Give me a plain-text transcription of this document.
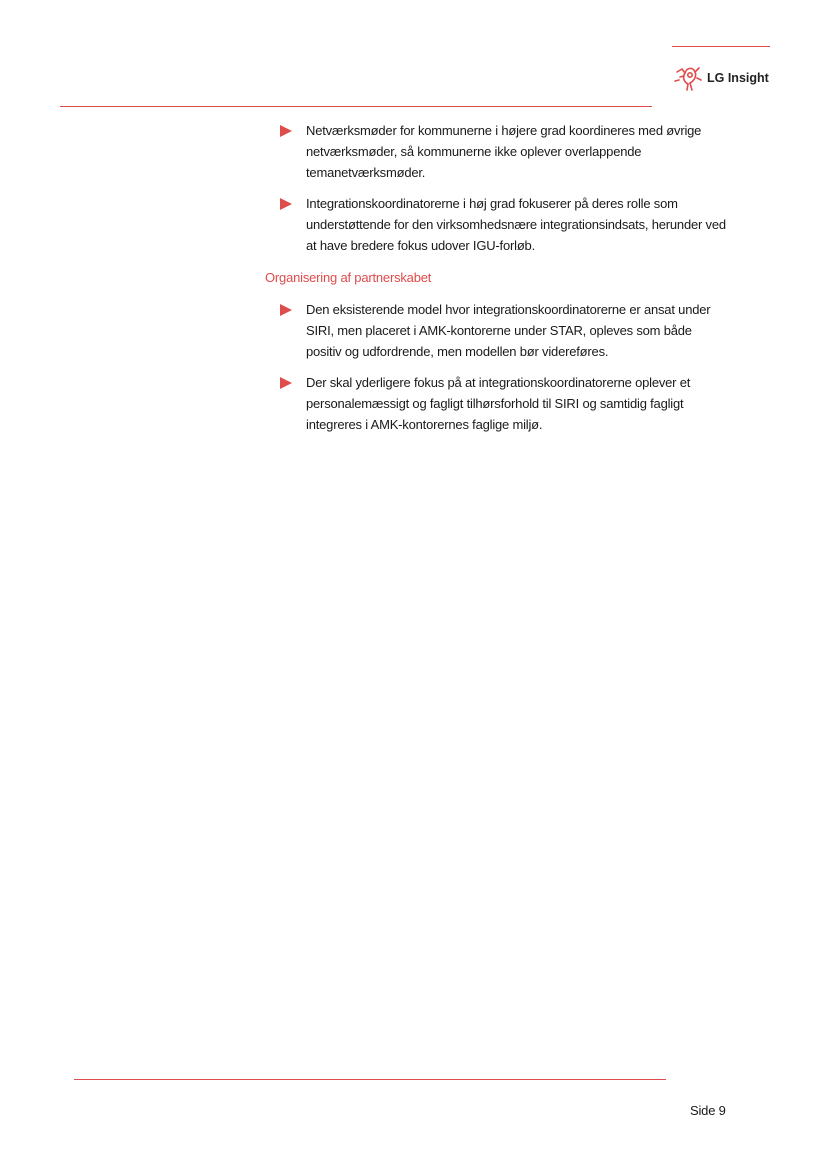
LG Insight
Netværksmøder for kommunerne i højere grad koordineres med øvrige netværksmøder, så kommunerne ikke oplever overlappende temanetværksmøder.
Integrationskoordinatorerne i høj grad fokuserer på deres rolle som understøttende for den virksomhedsnære integrationsindsats, herunder ved at have bredere fokus udover IGU-forløb.
Organisering af partnerskabet
Den eksisterende model hvor integrationskoordinatorerne er ansat under SIRI, men placeret i AMK-kontorerne under STAR, opleves som både positiv og udfordrende, men modellen bør videreføres.
Der skal yderligere fokus på at integrationskoordinatorerne oplever et personalemæssigt og fagligt tilhørsforhold til SIRI og samtidig fagligt integreres i AMK-kontorernes faglige miljø.
Side 9
